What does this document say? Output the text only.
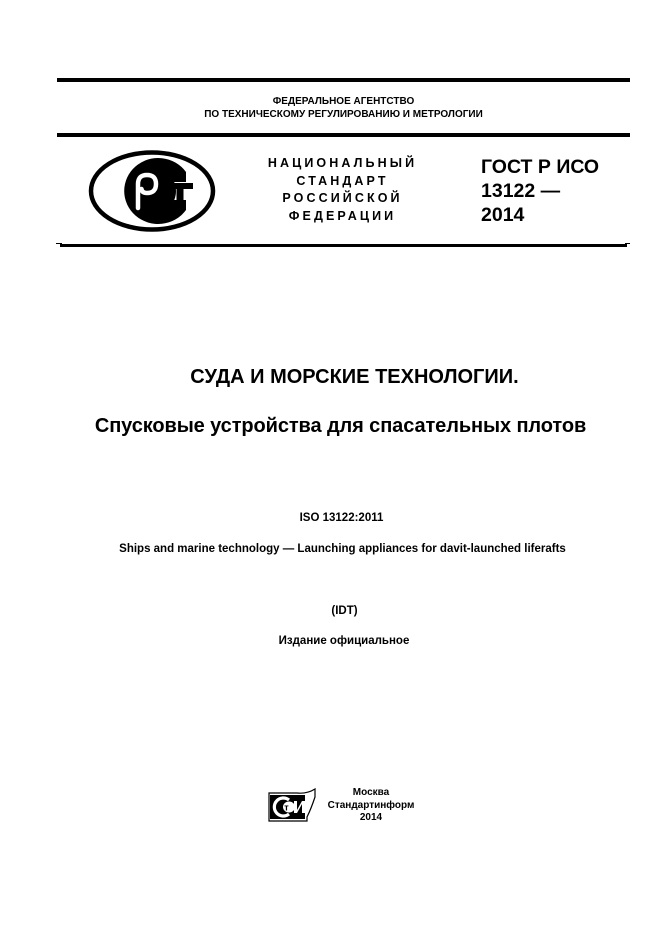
ФЕДЕРАЛЬНОЕ АГЕНТСТВО
ПО ТЕХНИЧЕСКОМУ РЕГУЛИРОВАНИЮ И МЕТРОЛОГИИ
НАЦИОНАЛЬНЫЙ
СТАНДАРТ
РОССИЙСКОЙ
ФЕДЕРАЦИИ
ГОСТ Р ИСО
13122 —
2014
СУДА И МОРСКИЕ ТЕХНОЛОГИИ.
Спусковые устройства для спасательных плотов
ISO 13122:2011
Ships and marine technology — Launching appliances for davit-launched liferafts
(IDT)
Издание официальное
т
Москва
Стандартинформ
2014
